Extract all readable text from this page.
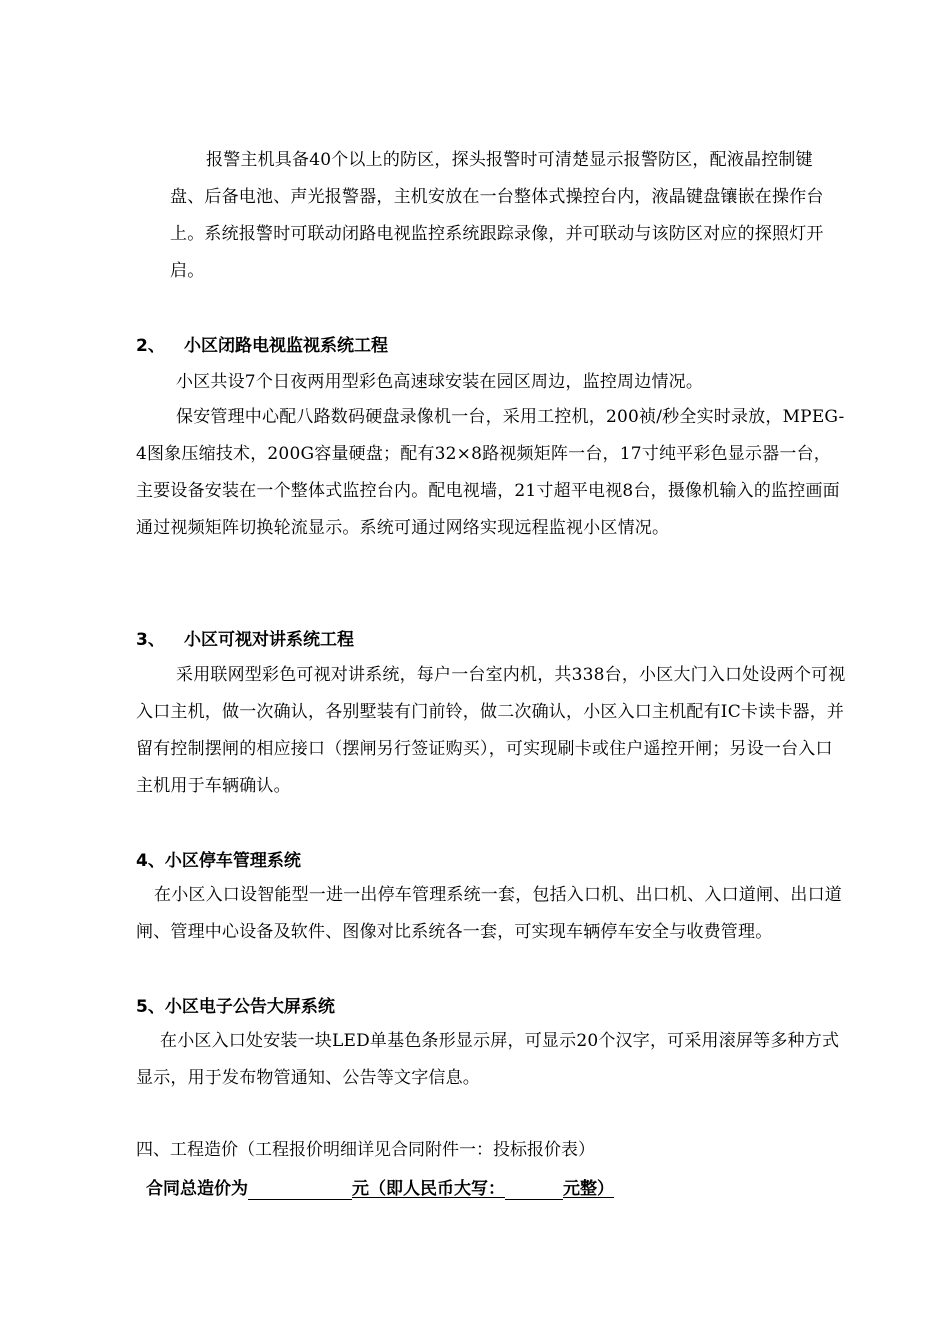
报警主机具备40个以上的防区，探头报警时可清楚显示报警防区，配液晶控制键盘、后备电池、声光报警器，主机安放在一台整体式操控台内，液晶键盘镶嵌在操作台上。系统报警时可联动闭路电视监控系统跟踪录像，并可联动与该防区对应的探照灯开启。
2、 小区闭路电视监视系统工程
小区共设7个日夜两用型彩色高速球安装在园区周边，监控周边情况。
保安管理中心配八路数码硬盘录像机一台，采用工控机，200祯/秒全实时录放，MPEG-4图象压缩技术，200G容量硬盘；配有32×8路视频矩阵一台，17寸纯平彩色显示器一台，主要设备安装在一个整体式监控台内。配电视墙，21寸超平电视8台，摄像机输入的监控画面通过视频矩阵切换轮流显示。系统可通过网络实现远程监视小区情况。
3、 小区可视对讲系统工程
采用联网型彩色可视对讲系统，每户一台室内机，共338台，小区大门入口处设两个可视入口主机，做一次确认，各别墅装有门前铃，做二次确认，小区入口主机配有IC卡读卡器，并留有控制摆闸的相应接口（摆闸另行签证购买），可实现刷卡或住户遥控开闸；另设一台入口主机用于车辆确认。
4、小区停车管理系统
在小区入口设智能型一进一出停车管理系统一套，包括入口机、出口机、入口道闸、出口道闸、管理中心设备及软件、图像对比系统各一套，可实现车辆停车安全与收费管理。
5、小区电子公告大屏系统
在小区入口处安装一块LED单基色条形显示屏，可显示20个汉字，可采用滚屏等多种方式显示，用于发布物管通知、公告等文字信息。
四、工程造价（工程报价明细详见合同附件一：投标报价表）
合同总造价为	元（即人民币大写：	元整）
